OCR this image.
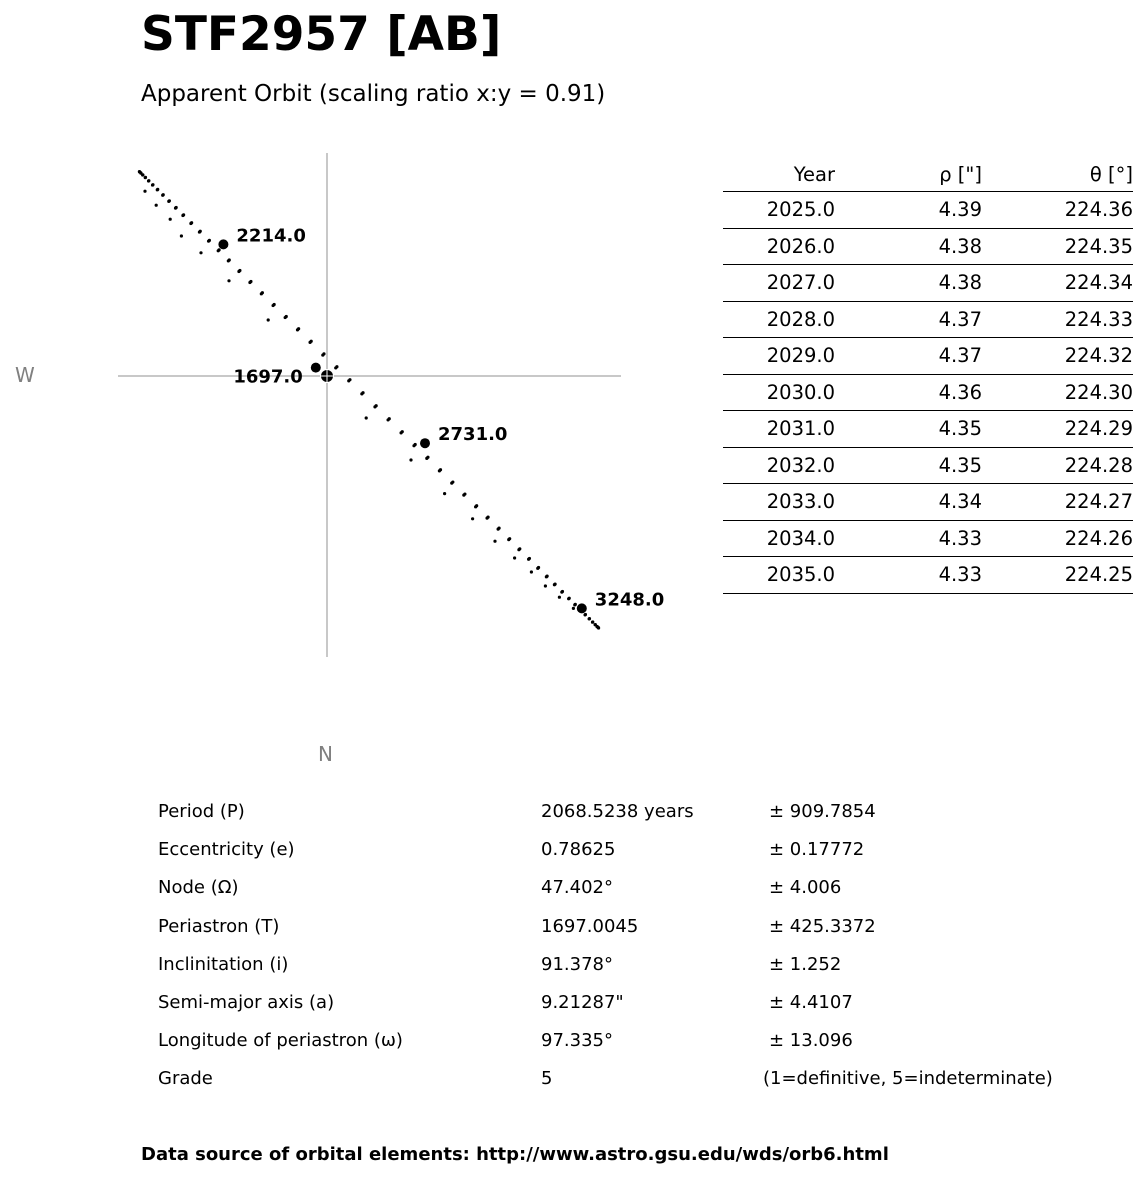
STF2957 [AB]
Apparent Orbit (scaling ratio x:y = 0.91)
W
N
1697.0
2214.0
2731.0
3248.0
Year	ρ ["]	θ [°]
2025.0	4.39	224.36
2026.0	4.38	224.35
2027.0	4.38	224.34
2028.0	4.37	224.33
2029.0	4.37	224.32
2030.0	4.36	224.30
2031.0	4.35	224.29
2032.0	4.35	224.28
2033.0	4.34	224.27
2034.0	4.33	224.26
2035.0	4.33	224.25
Period (P)	2068.5238 years	± 909.7854
Eccentricity (e)	0.78625	± 0.17772
Node (Ω)	47.402°	± 4.006
Periastron (T)	1697.0045	± 425.3372
Inclinitation (i)	91.378°	± 1.252
Semi-major axis (a)	9.21287"	± 4.4107
Longitude of periastron (ω)	97.335°	± 13.096
Grade	5	(1=definitive, 5=indeterminate)
Data source of orbital elements: http://www.astro.gsu.edu/wds/orb6.html
